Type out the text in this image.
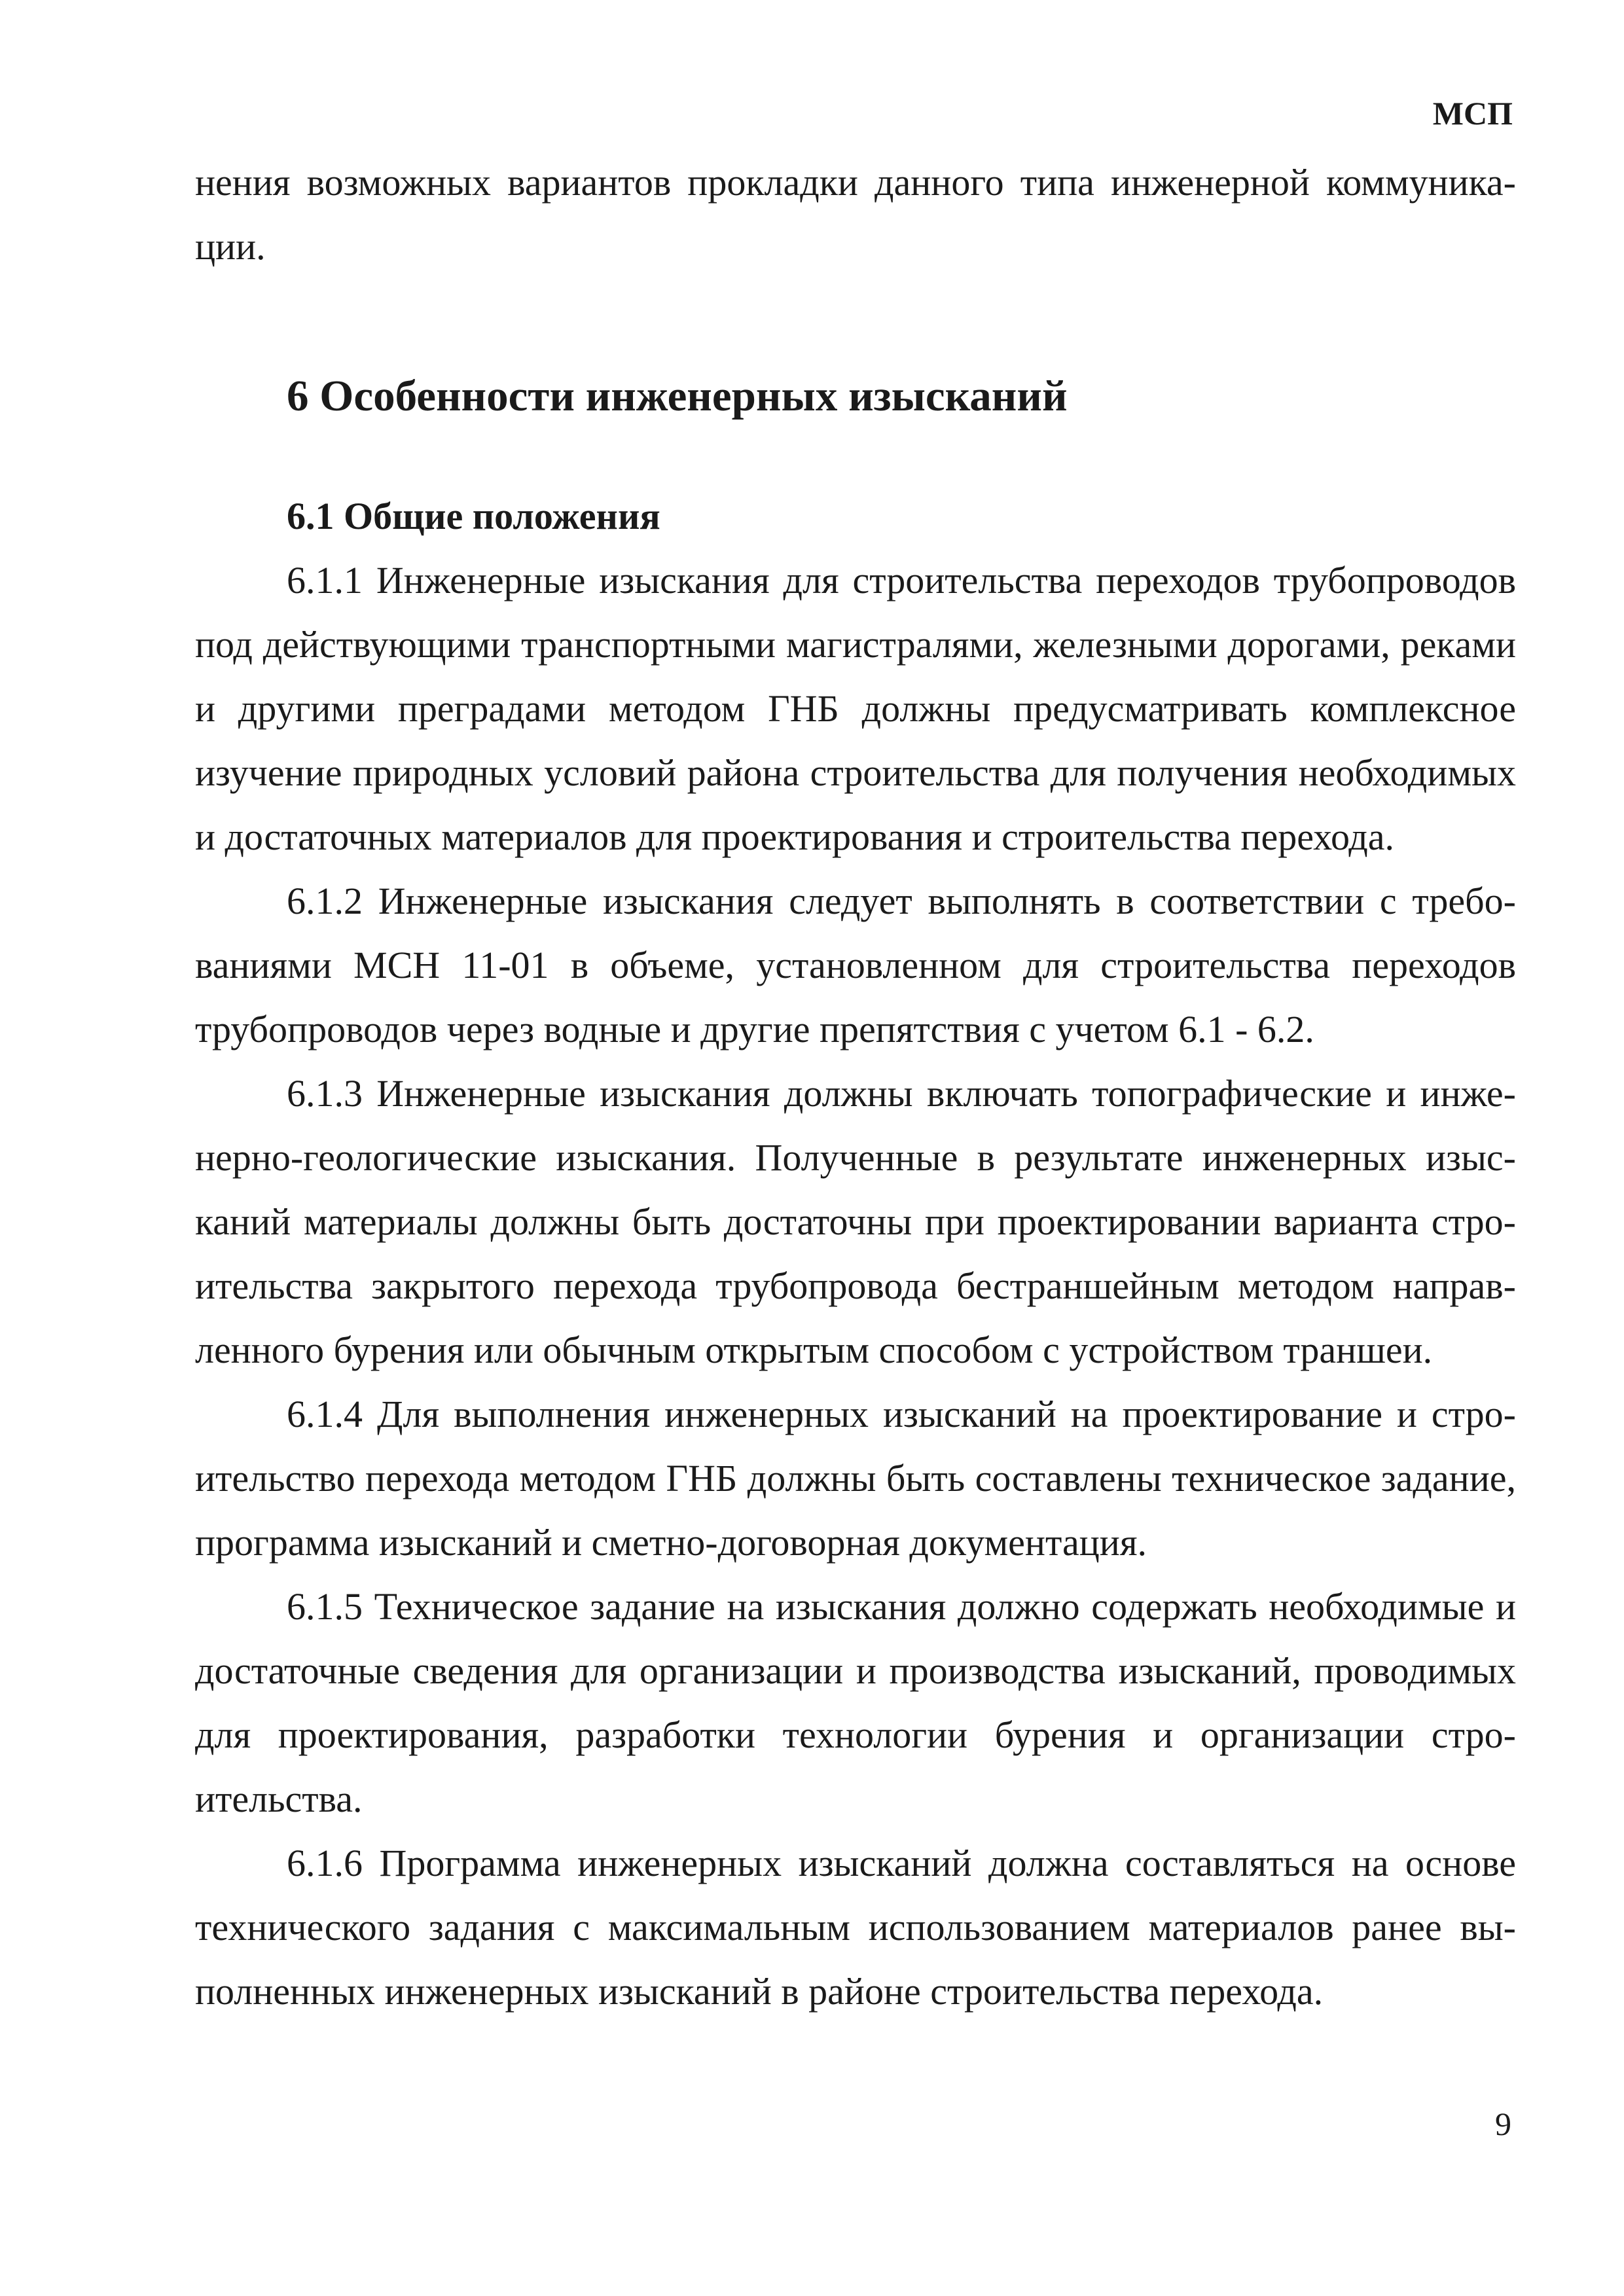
МСП

нения возможных вариантов прокладки данного типа инженерной коммуникации.

6 Особенности инженерных изысканий
6.1 Общие положения

6.1.1 Инженерные изыскания для строительства переходов трубопроводов под действующими транспортными магистралями, железными дорогами, рекaми и другими преградами методом ГНБ должны предусматривать комплексное изучение природных условий района строительства для получения необходимых и достаточных материалов для проектирования и строительства перехода.

6.1.2 Инженерные изыскания следует выполнять в соответствии с требованиями МСН 11-01 в объеме, установленном для строительства переходов трубопроводов через водные и другие препятствия с учетом 6.1 - 6.2.

6.1.3 Инженерные изыскания должны включать топографические и инженерно-геологические изыскания. Полученные в результате инженерных изысканий материалы должны быть достаточны при проектировании варианта строительства закрытого перехода трубопровода бестраншейным методом направленного бурения или обычным открытым способом с устройством траншеи.

6.1.4 Для выполнения инженерных изысканий на проектирование и строительство перехода методом ГНБ должны быть составлены техническое задание, программа изысканий и сметно-договорная документация.

6.1.5 Техническое задание на изыскания должно содержать необходимые и достаточные сведения для организации и производства изысканий, проводимых для проектирования, разработки технологии бурения и организации строительства.

6.1.6 Программа инженерных изысканий должна составляться на основе технического задания с максимальным использованием материалов ранее выполненных инженерных изысканий в районе строительства перехода.

9
